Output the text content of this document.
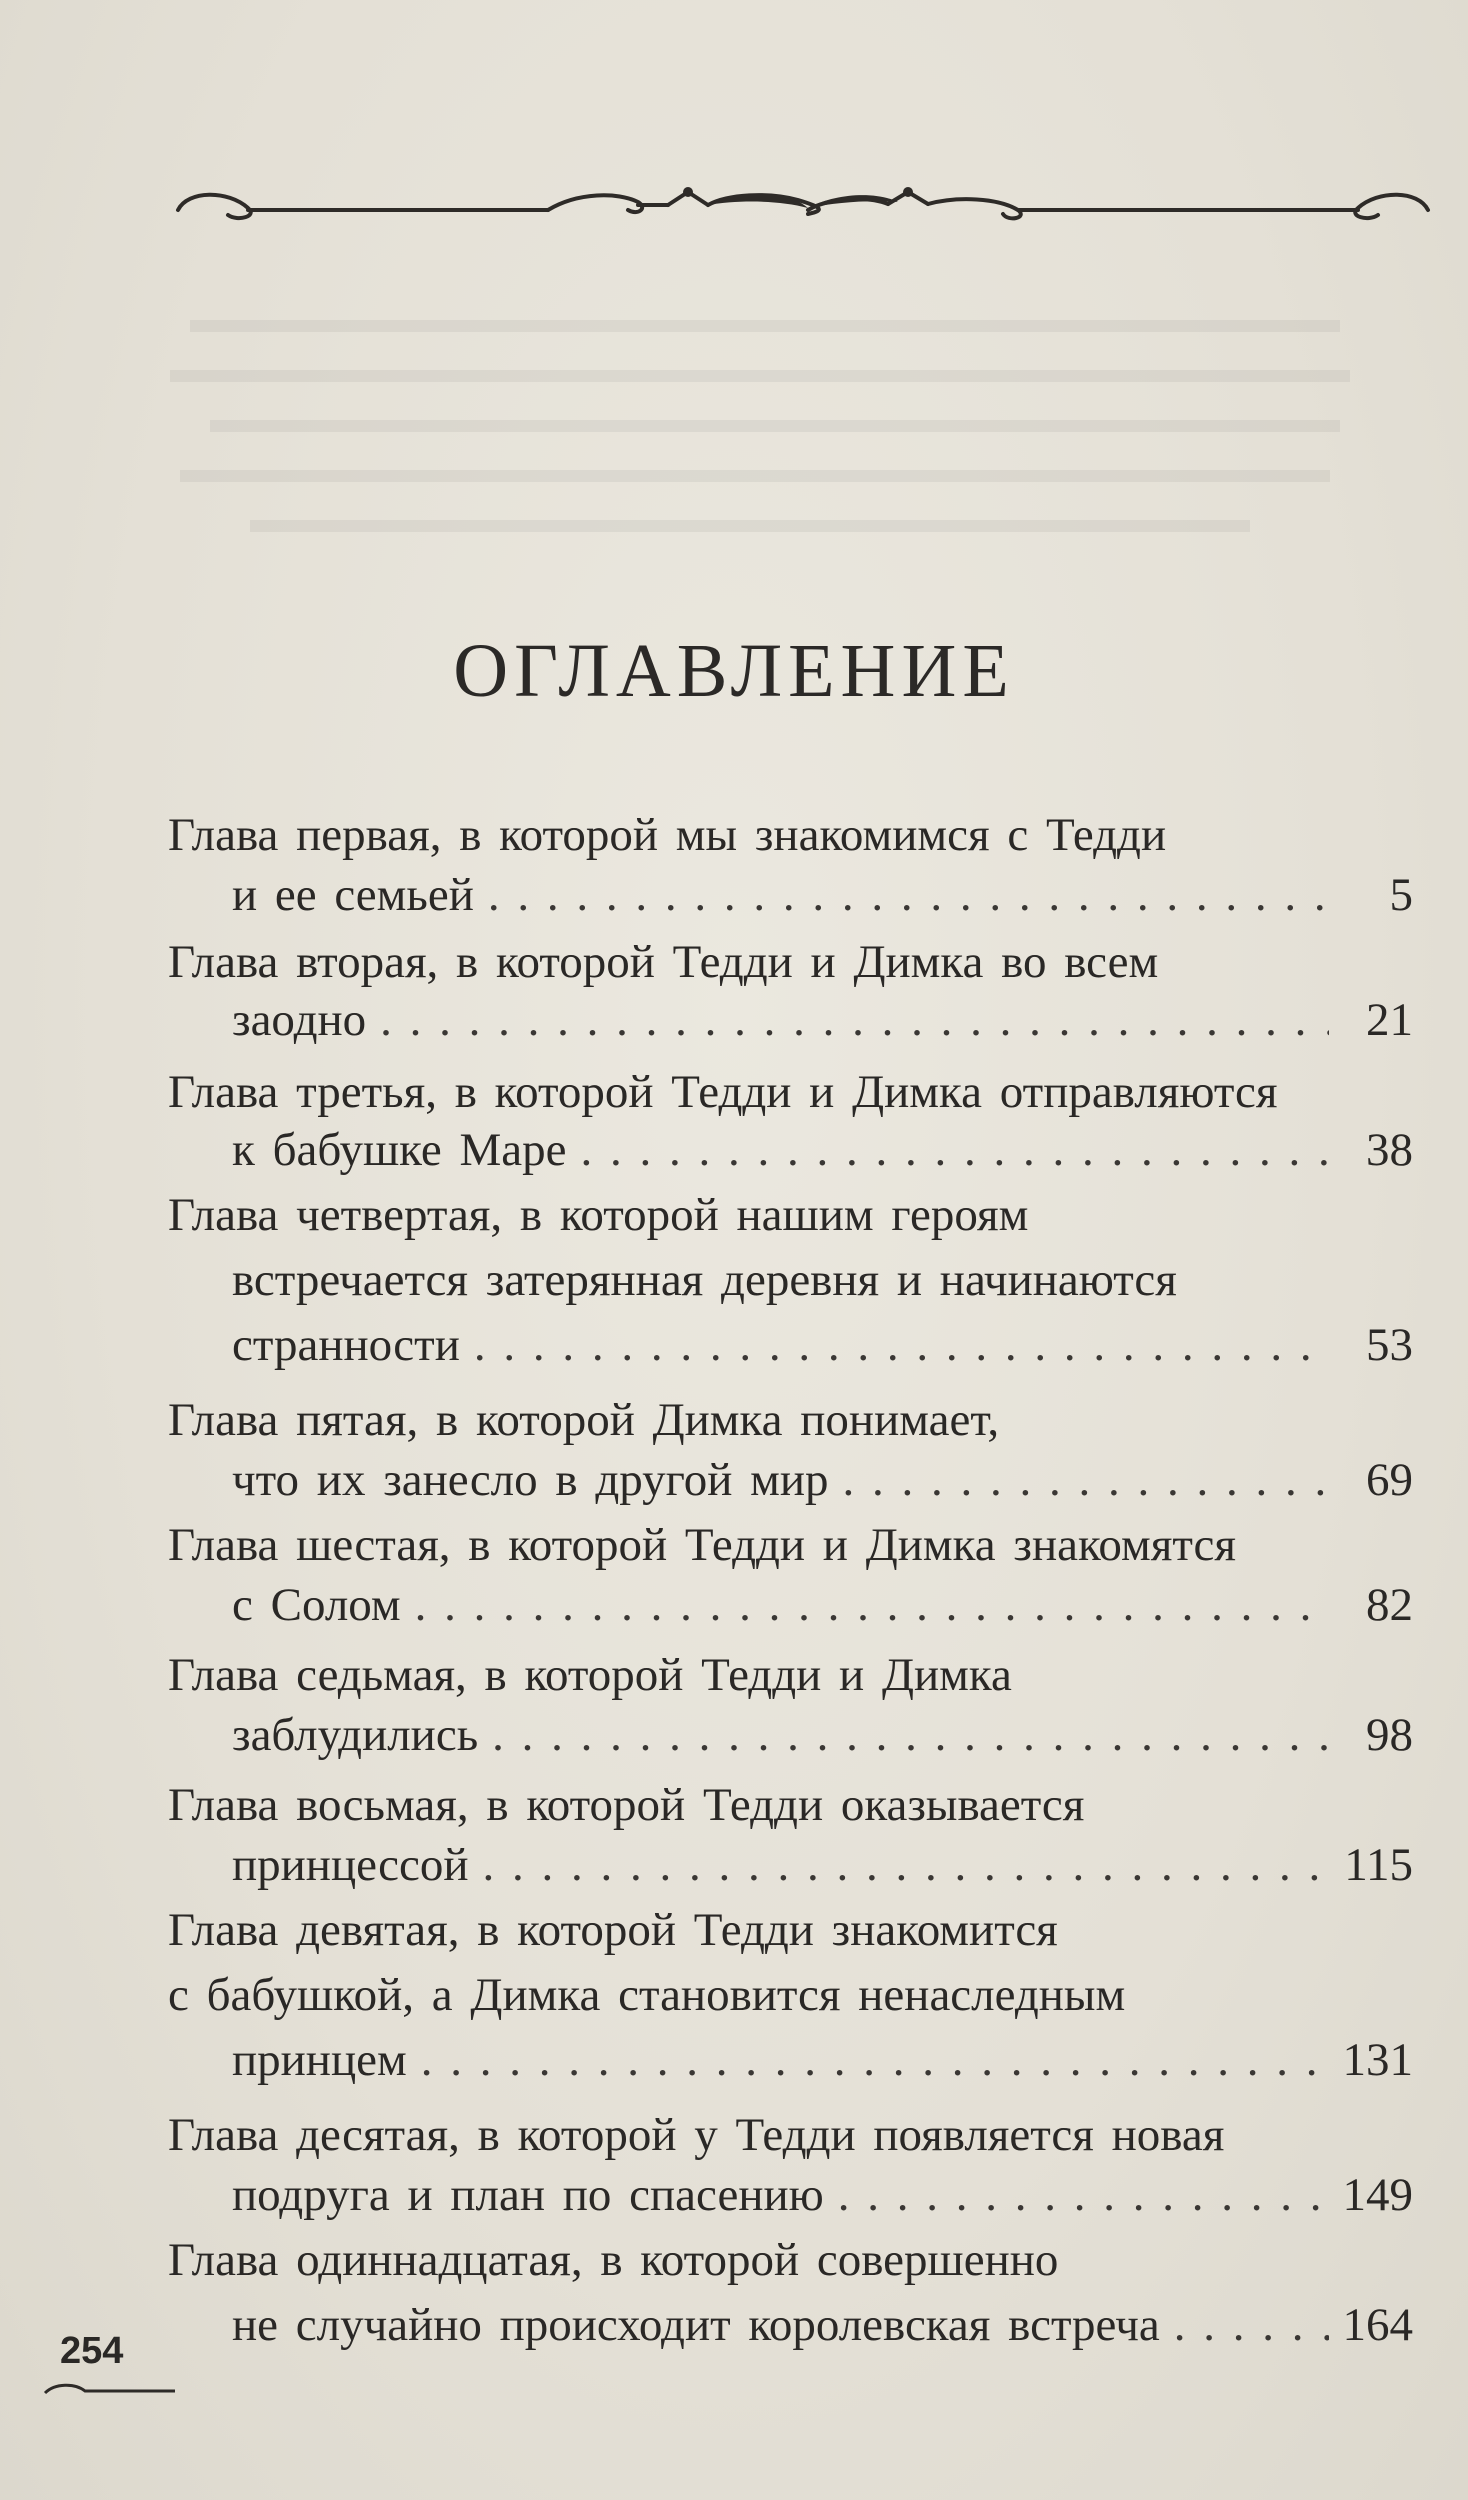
ОГЛАВЛЕНИЕ
Глава первая, в которой мы знакомимся с Тедди
и ее семьей . . .	5
Глава вторая, в которой Тедди и Димка во всем
заодно . . .	21
Глава третья, в которой Тедди и Димка отправляются
к бабушке Маре . . .	38
Глава четвертая, в которой нашим героям
встречается затерянная деревня и начинаются
странности . . .	53
Глава пятая, в которой Димка понимает,
что их занесло в другой мир . . .	69
Глава шестая, в которой Тедди и Димка знакомятся
с Солом . . .	82
Глава седьмая, в которой Тедди и Димка
заблудились . . .	98
Глава восьмая, в которой Тедди оказывается
принцессой . . .	115
Глава девятая, в которой Тедди знакомится
с бабушкой, а Димка становится ненаследным
принцем . . .	131
Глава десятая, в которой у Тедди появляется новая
подруга и план по спасению . . .	149
Глава одиннадцатая, в которой совершенно
не случайно происходит королевская встреча . . .	164
254
